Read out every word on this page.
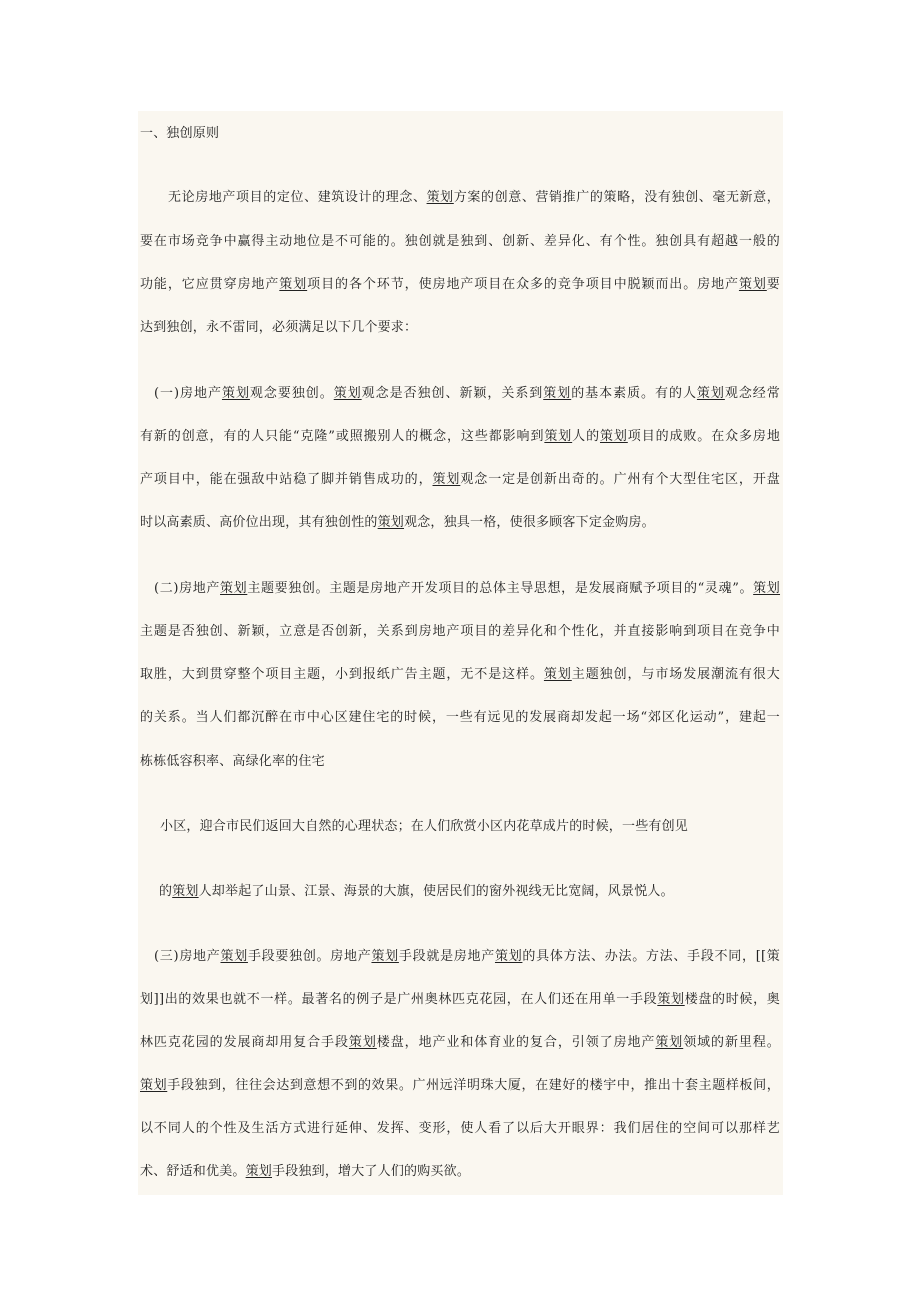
一、独创原则
无论房地产项目的定位、建筑设计的理念、策划方案的创意、营销推广的策略，没有独创、毫无新意，
要在市场竞争中赢得主动地位是不可能的。独创就是独到、创新、差异化、有个性。独创具有超越一般的
功能，它应贯穿房地产策划项目的各个环节，使房地产项目在众多的竞争项目中脱颖而出。房地产策划要
达到独创，永不雷同，必须满足以下几个要求：
(一)房地产策划观念要独创。策划观念是否独创、新颖，关系到策划的基本素质。有的人策划观念经常
有新的创意，有的人只能“克隆”或照搬别人的概念，这些都影响到策划人的策划项目的成败。在众多房地
产项目中，能在强敌中站稳了脚并销售成功的，策划观念一定是创新出奇的。广州有个大型住宅区，开盘
时以高素质、高价位出现，其有独创性的策划观念，独具一格，使很多顾客下定金购房。
(二)房地产策划主题要独创。主题是房地产开发项目的总体主导思想，是发展商赋予项目的“灵魂”。策划
主题是否独创、新颖，立意是否创新，关系到房地产项目的差异化和个性化，并直接影响到项目在竞争中
取胜，大到贯穿整个项目主题，小到报纸广告主题，无不是这样。策划主题独创，与市场发展潮流有很大
的关系。当人们都沉醉在市中心区建住宅的时候，一些有远见的发展商却发起一场“郊区化运动”，建起一
栋栋低容积率、高绿化率的住宅
小区，迎合市民们返回大自然的心理状态；在人们欣赏小区内花草成片的时候，一些有创见
的策划人却举起了山景、江景、海景的大旗，使居民们的窗外视线无比宽阔，风景悦人。
(三)房地产策划手段要独创。房地产策划手段就是房地产策划的具体方法、办法。方法、手段不同，[[策
划]]出的效果也就不一样。最著名的例子是广州奥林匹克花园，在人们还在用单一手段策划楼盘的时候，奥
林匹克花园的发展商却用复合手段策划楼盘，地产业和体育业的复合，引领了房地产策划领域的新里程。
策划手段独到，往往会达到意想不到的效果。广州远洋明珠大厦，在建好的楼宇中，推出十套主题样板间，
以不同人的个性及生活方式进行延伸、发挥、变形，使人看了以后大开眼界：我们居住的空间可以那样艺
术、舒适和优美。策划手段独到，增大了人们的购买欲。
